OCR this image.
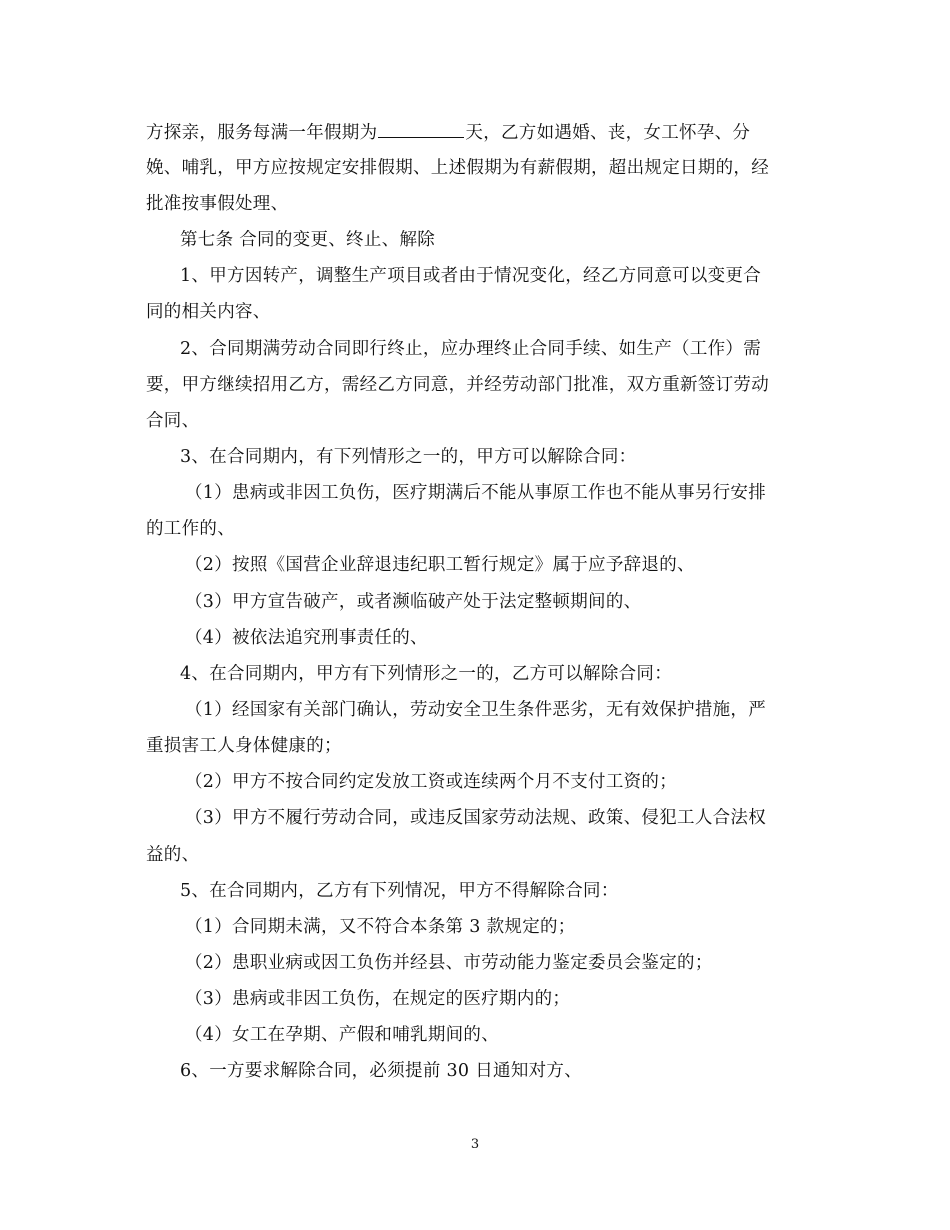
方探亲，服务每满一年假期为	天，乙方如遇婚、丧，女工怀孕、分
娩、哺乳，甲方应按规定安排假期、上述假期为有薪假期，超出规定日期的，经
批准按事假处理、
第七条 合同的变更、终止、解除
1、甲方因转产，调整生产项目或者由于情况变化，经乙方同意可以变更合
同的相关内容、
2、合同期满劳动合同即行终止，应办理终止合同手续、如生产（工作）需
要，甲方继续招用乙方，需经乙方同意，并经劳动部门批准，双方重新签订劳动
合同、
3、在合同期内，有下列情形之一的，甲方可以解除合同：
（1）患病或非因工负伤，医疗期满后不能从事原工作也不能从事另行安排
的工作的、
（2）按照《国营企业辞退违纪职工暂行规定》属于应予辞退的、
（3）甲方宣告破产，或者濒临破产处于法定整顿期间的、
（4）被依法追究刑事责任的、
4、在合同期内，甲方有下列情形之一的，乙方可以解除合同：
（1）经国家有关部门确认，劳动安全卫生条件恶劣，无有效保护措施，严
重损害工人身体健康的；
（2）甲方不按合同约定发放工资或连续两个月不支付工资的；
（3）甲方不履行劳动合同，或违反国家劳动法规、政策、侵犯工人合法权
益的、
5、在合同期内，乙方有下列情况，甲方不得解除合同：
（1）合同期未满，又不符合本条第 3 款规定的；
（2）患职业病或因工负伤并经县、市劳动能力鉴定委员会鉴定的；
（3）患病或非因工负伤，在规定的医疗期内的；
（4）女工在孕期、产假和哺乳期间的、
6、一方要求解除合同，必须提前 30 日通知对方、
3
